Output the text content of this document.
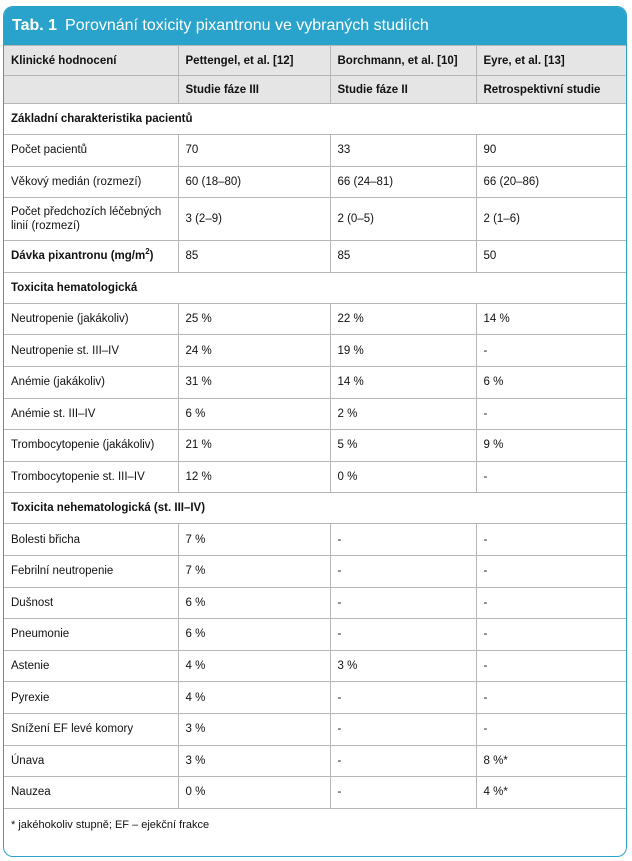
Tab. 1 Porovnání toxicity pixantronu ve vybraných studiích
Klinické hodnocení	Pettengel, et al. [12]	Borchmann, et al. [10]	Eyre, et al. [13]
	Studie fáze III	Studie fáze II	Retrospektivní studie
Základní charakteristika pacientů			
Počet pacientů	70	33	90
Věkový medián (rozmezí)	60 (18–80)	66 (24–81)	66 (20–86)
Počet předchozích léčebných linií (rozmezí)	3 (2–9)	2 (0–5)	2 (1–6)
Dávka pixantronu $(mg/m^2)$	85	85	50
Toxicita hematologická			
Neutropenie (jakákoliv)	25 %	22 %	14 %
Neutropenie st. III–IV	24 %	19 %	-
Anémie (jakákoliv)	31 %	14 %	6 %
Anémie st. III–IV	6 %	2 %	-
Trombocytopenie (jakákoliv)	21 %	5 %	9 %
Trombocytopenie st. III–IV	12 %	0 %	-
Toxicita nehematologická (st. III–IV)			
Bolesti břicha	7 %	-	-
Febrilní neutropenie	7 %	-	-
Dušnost	6 %	-	-
Pneumonie	6 %	-	-
Astenie	4 %	3 %	-
Pyrexie	4 %	-	-
Snížení EF levé komory	3 %	-	-
Únava	3 %	-	8 %*
Nauzea	0 %	-	4 %*
* jakéhokoliv stupně; EF – ejekční frakce			
